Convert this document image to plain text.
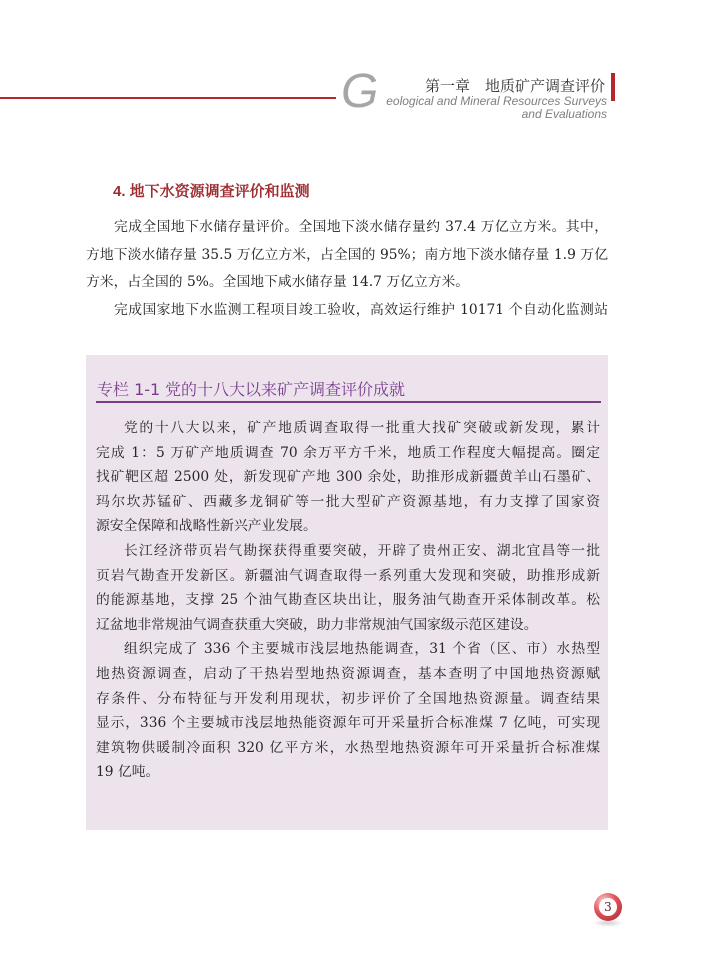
G	第一章　地质矿产调查评价
eological and Mineral Resources Surveys
and Evaluations
4. 地下水资源调查评价和监测
完成全国地下水储存量评价。全国地下淡水储存量约 37.4 万亿立方米。其中，
方地下淡水储存量 35.5 万亿立方米，占全国的 95%；南方地下淡水储存量 1.9 万亿
方米，占全国的 5%。全国地下咸水储存量 14.7 万亿立方米。
完成国家地下水监测工程项目竣工验收，高效运行维护 10171 个自动化监测站
专栏 1-1 党的十八大以来矿产调查评价成就
党的十八大以来，矿产地质调查取得一批重大找矿突破或新发现，累计
完成 1：5 万矿产地质调查 70 余万平方千米，地质工作程度大幅提高。圈定
找矿靶区超 2500 处，新发现矿产地 300 余处，助推形成新疆黄羊山石墨矿、
玛尔坎苏锰矿、西藏多龙铜矿等一批大型矿产资源基地，有力支撑了国家资
源安全保障和战略性新兴产业发展。
长江经济带页岩气勘探获得重要突破，开辟了贵州正安、湖北宜昌等一批
页岩气勘查开发新区。新疆油气调查取得一系列重大发现和突破，助推形成新
的能源基地，支撑 25 个油气勘查区块出让，服务油气勘查开采体制改革。松
辽盆地非常规油气调查获重大突破，助力非常规油气国家级示范区建设。
组织完成了 336 个主要城市浅层地热能调查，31 个省（区、市）水热型
地热资源调查，启动了干热岩型地热资源调查，基本查明了中国地热资源赋
存条件、分布特征与开发利用现状，初步评价了全国地热资源量。调查结果
显示，336 个主要城市浅层地热能资源年可开采量折合标准煤 7 亿吨，可实现
建筑物供暖制冷面积 320 亿平方米，水热型地热资源年可开采量折合标准煤
19 亿吨。
3
